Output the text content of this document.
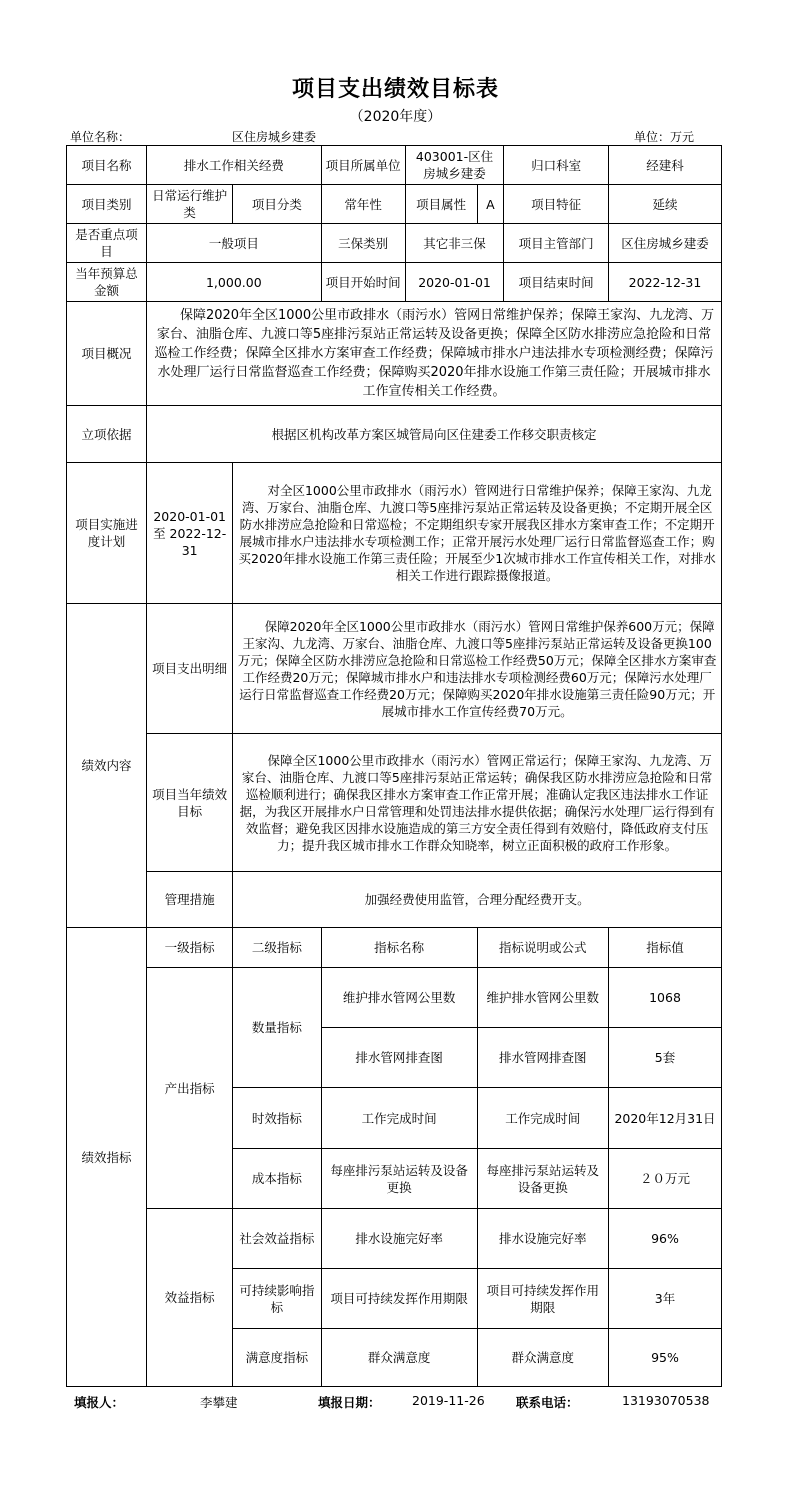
项目支出绩效目标表
（2020年度）
单位名称：	区住房城乡建委	单位：万元
项目名称	排水工作相关经费		项目所属单位	403001-区住房城乡建委		归口科室	经建科
项目类别	日常运行维护类	项目分类	常年性	项目属性	A	项目特征	延续
是否重点项目	一般项目		三保类别	其它非三保		项目主管部门	区住房城乡建委
当年预算总金额	1,000.00		项目开始时间	2020-01-01		项目结束时间	2022-12-31
项目概况	保障2020年全区1000公里市政排水（雨污水）管网日常维护保养；保障王家沟、九龙湾、万家台、油脂仓库、九渡口等5座排污泵站正常运转及设备更换；保障全区防水排涝应急抢险和日常巡检工作经费；保障全区排水方案审查工作经费；保障城市排水户违法排水专项检测经费；保障污水处理厂运行日常监督巡查工作经费；保障购买2020年排水设施工作第三责任险；开展城市排水工作宣传相关工作经费。						
立项依据	根据区机构改革方案区城管局向区住建委工作移交职责核定						
项目实施进度计划	2020-01-01至 2022-12-31	对全区1000公里市政排水（雨污水）管网进行日常维护保养；保障王家沟、九龙湾、万家台、油脂仓库、九渡口等5座排污泵站正常运转及设备更换；不定期开展全区防水排涝应急抢险和日常巡检；不定期组织专家开展我区排水方案审查工作；不定期开展城市排水户违法排水专项检测工作；正常开展污水处理厂运行日常监督巡查工作；购买2020年排水设施工作第三责任险；开展至少1次城市排水工作宣传相关工作，对排水相关工作进行跟踪摄像报道。					
绩效内容	项目支出明细	保障2020年全区1000公里市政排水（雨污水）管网日常维护保养600万元；保障王家沟、九龙湾、万家台、油脂仓库、九渡口等5座排污泵站正常运转及设备更换100万元；保障全区防水排涝应急抢险和日常巡检工作经费50万元；保障全区排水方案审查工作经费20万元；保障城市排水户和违法排水专项检测经费60万元；保障污水处理厂运行日常监督巡查工作经费20万元；保障购买2020年排水设施第三责任险90万元；开展城市排水工作宣传经费70万元。					
	项目当年绩效目标	保障全区1000公里市政排水（雨污水）管网正常运行；保障王家沟、九龙湾、万家台、油脂仓库、九渡口等5座排污泵站正常运转；确保我区防水排涝应急抢险和日常巡检顺利进行；确保我区排水方案审查工作正常开展；准确认定我区违法排水工作证据，为我区开展排水户日常管理和处罚违法排水提供依据；确保污水处理厂运行得到有效监督；避免我区因排水设施造成的第三方安全责任得到有效赔付，降低政府支付压力；提升我区城市排水工作群众知晓率，树立正面积极的政府工作形象。					
	管理措施	加强经费使用监管，合理分配经费开支。					
绩效指标	一级指标	二级指标	指标名称		指标说明或公式		指标值
	产出指标	数量指标	维护排水管网公里数		维护排水管网公里数		1068
			排水管网排查图		排水管网排查图		5套
		时效指标	工作完成时间		工作完成时间		2020年12月31日
		成本指标	每座排污泵站运转及设备更换		每座排污泵站运转及设备更换		２０万元
	效益指标	社会效益指标	排水设施完好率		排水设施完好率		96%
		可持续影响指标	项目可持续发挥作用期限		项目可持续发挥作用期限		3年
		满意度指标	群众满意度		群众满意度		95%
填报人：	李攀建	填报日期：	2019-11-26	联系电话：	13193070538
